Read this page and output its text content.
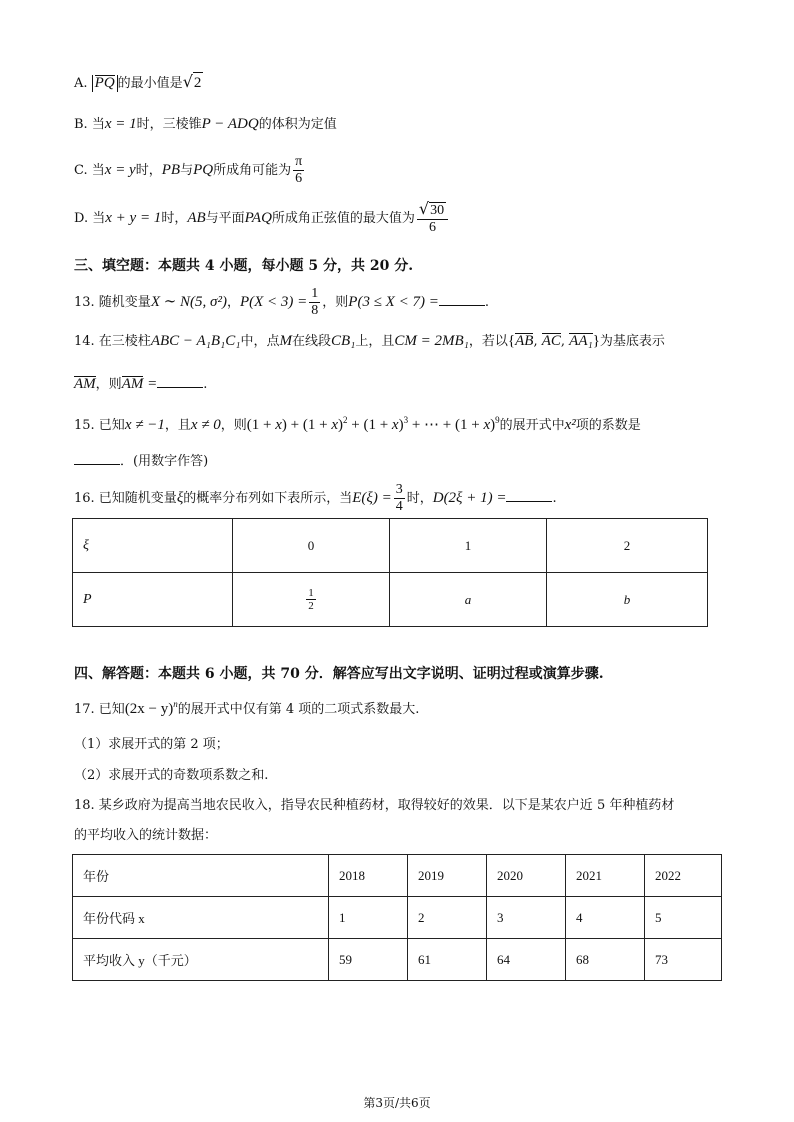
A. PQ 的最小值是√2
B. 当x = 1时，三棱锥P − ADQ的体积为定值
C. 当x = y时，PB与PQ所成角可能为 $\frac{\pi}{6}$
D. 当x + y = 1时，AB与平面PAQ所成角正弦值的最大值为 $\frac{√30}{6}$
三、填空题：本题共 4 小题，每小题 5 分，共 20 分.
13. 随机变量X ∼ N(5, σ²)，$P(X < 3) = \frac{1}{8}$ ，则P(3 ≤ X < 7) =	.
14. 在三棱柱ABC − A₁B₁C₁中，点M在线段CB₁上，且CM = 2MB₁，若以{AB, AC, AA₁}为基底表示
AM，则AM =	.
15. 已知x ≠ −1，且x ≠ 0，则$(1 + x) + (1 + x)^2 + (1 + x)^3$ + ⋯ + $(1 + x)^9$的展开式中x²项的系数是
．(用数字作答)
16. 已知随机变量ξ的概率分布列如下表所示，当$E(\xi) = \frac{3}{4}$ 时，D(2ξ + 1) =	.
ξ	0	1	2
P	$\frac{1}{2}$	a	b
四、解答题：本题共 6 小题，共 70 分．解答应写出文字说明、证明过程或演算步骤.
17. 已知$(2x - y)^n$的展开式中仅有第 4 项的二项式系数最大.
（1）求展开式的第 2 项；
（2）求展开式的奇数项系数之和.
18. 某乡政府为提高当地农民收入，指导农民种植药材，取得较好的效果．以下是某农户近 5 年种植药材
的平均收入的统计数据：
年份	2018	2019	2020	2021	2022
年份代码 x	1	2	3	4	5
平均收入 y（千元）	59	61	64	68	73
第3页/共6页
